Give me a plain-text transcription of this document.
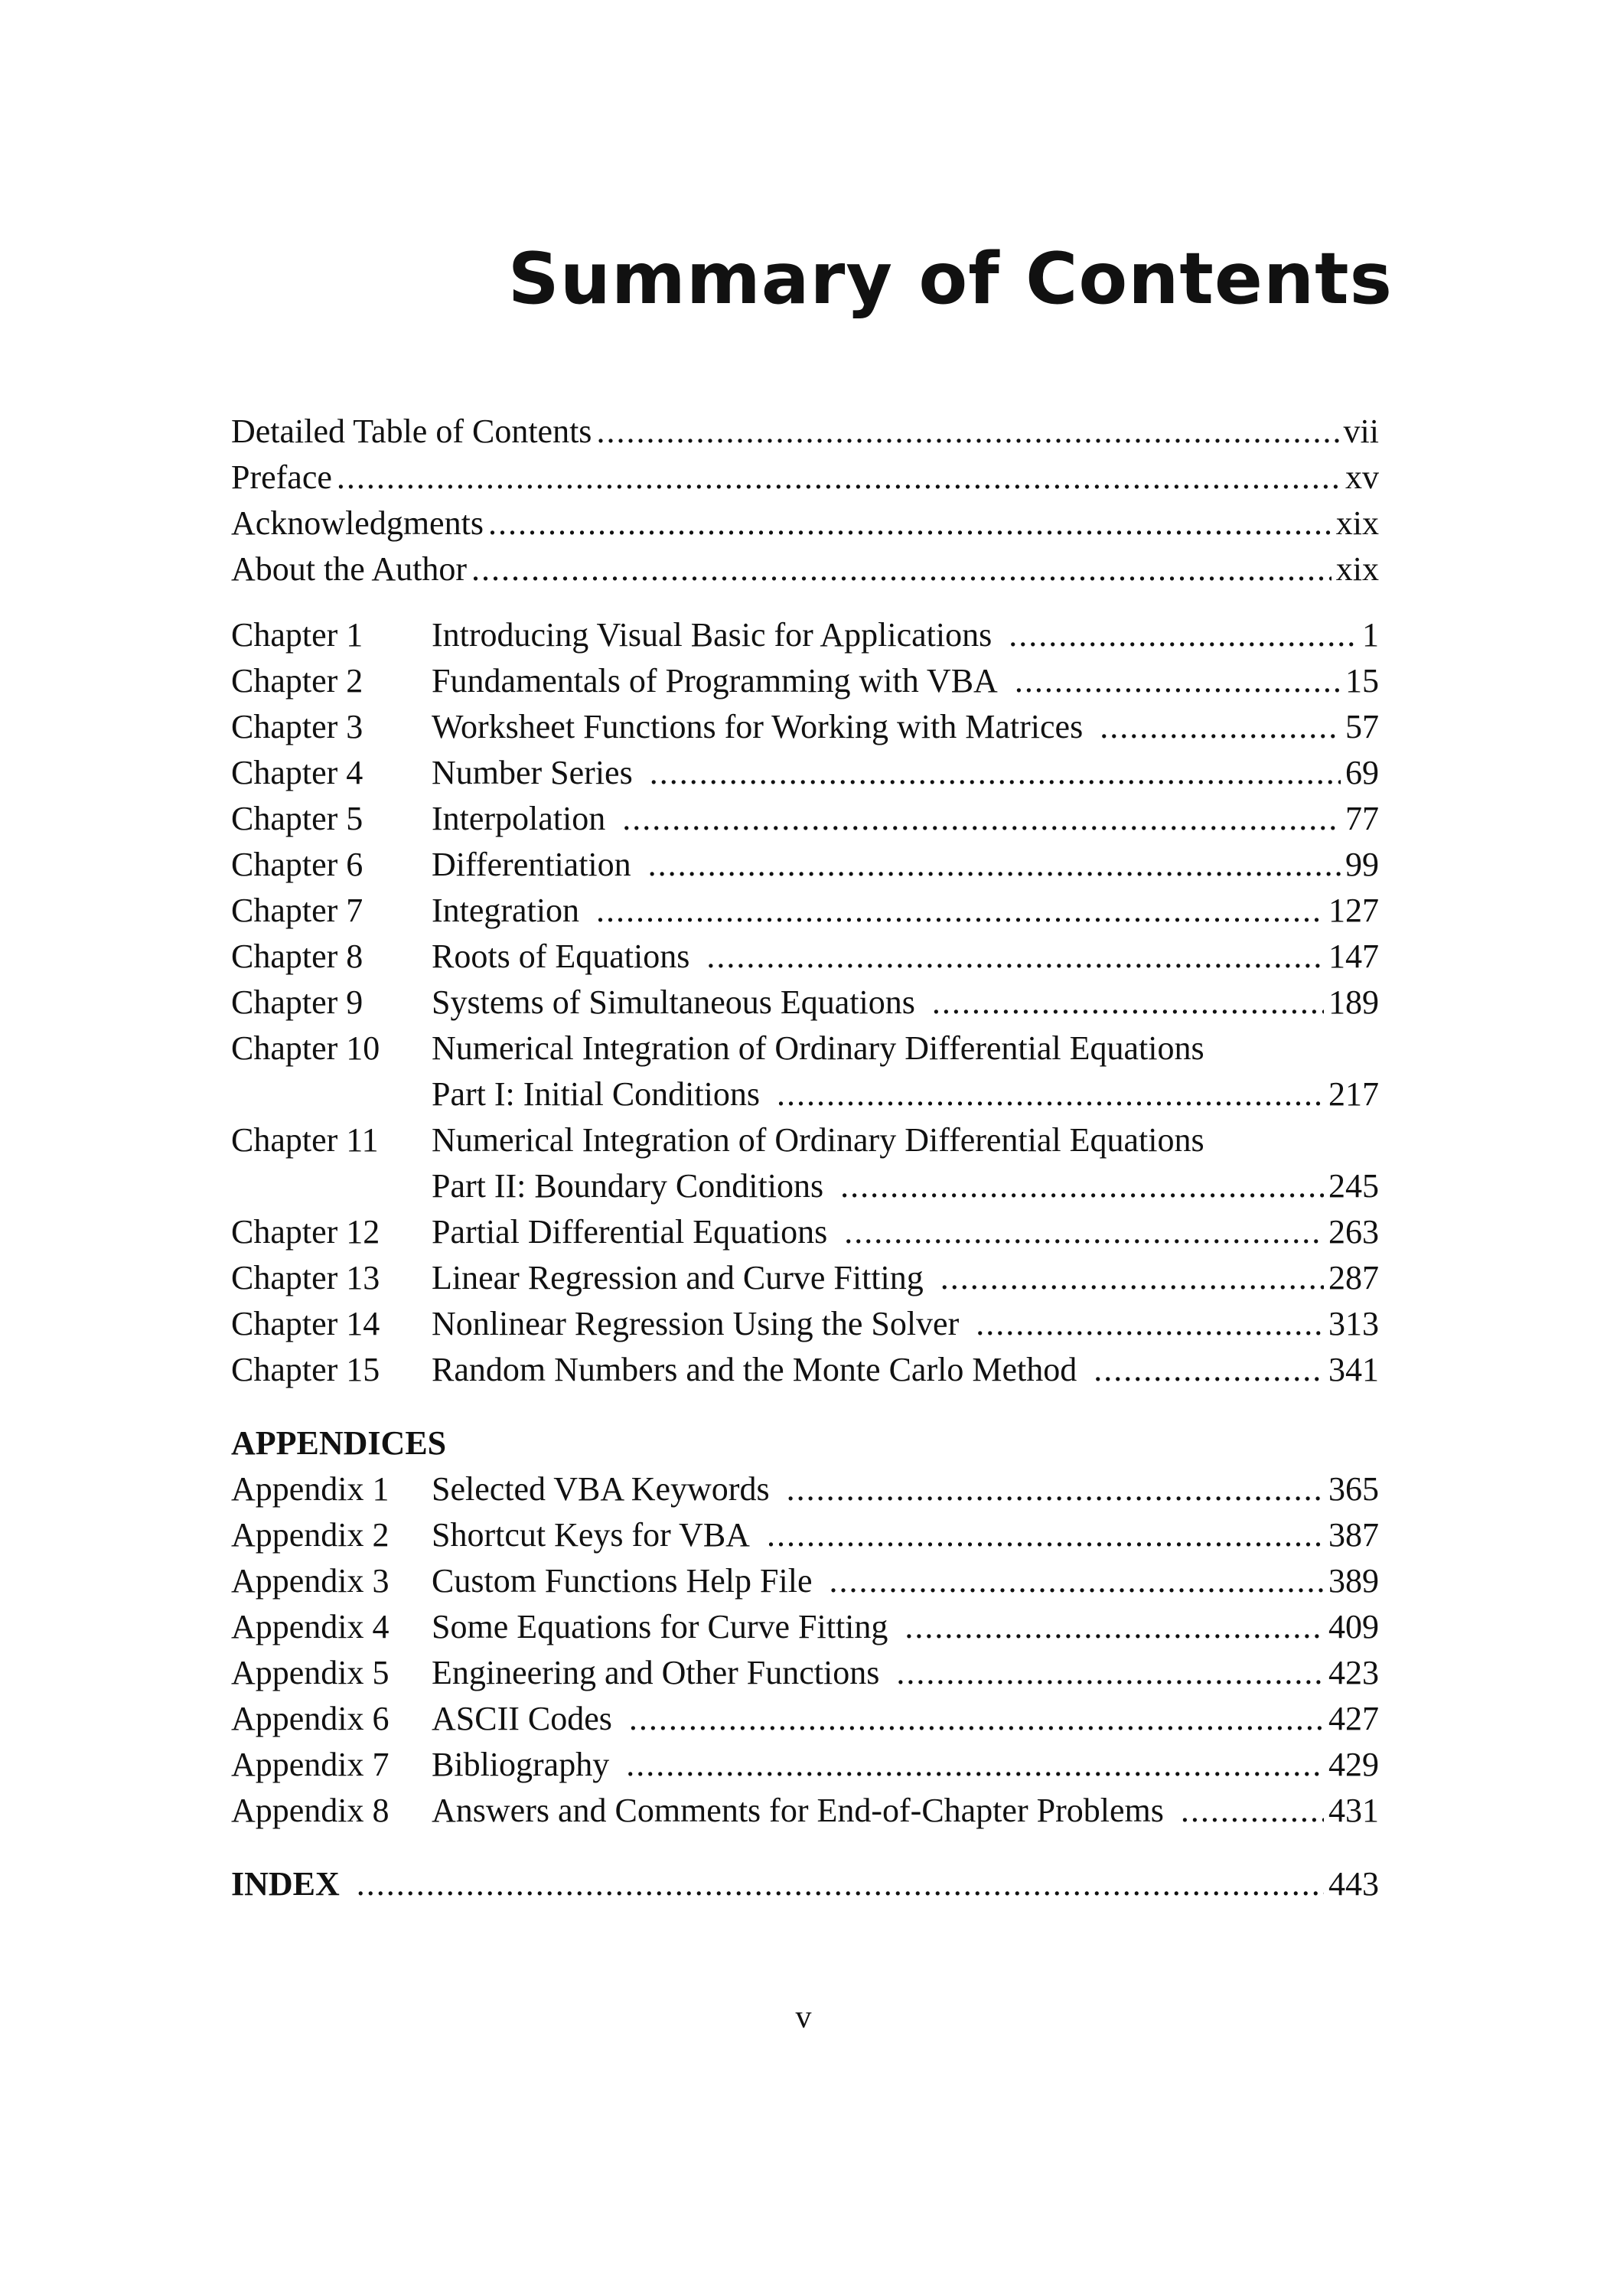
Summary of Contents
Detailed Table of Contents .....	vii
Preface .....	xv
Acknowledgments .....	xix
About the Author .....	xix
Chapter 1	Introducing Visual Basic for Applications .....	1
Chapter 2	Fundamentals of Programming with VBA .....	15
Chapter 3	Worksheet Functions for Working with Matrices .....	57
Chapter 4	Number Series .....	69
Chapter 5	Interpolation .....	77
Chapter 6	Differentiation .....	99
Chapter 7	Integration .....	127
Chapter 8	Roots of Equations .....	147
Chapter 9	Systems of Simultaneous Equations .....	189
Chapter 10	Numerical Integration of Ordinary Differential Equations
Part I: Initial Conditions .....	217
Chapter 11	Numerical Integration of Ordinary Differential Equations
Part II: Boundary Conditions .....	245
Chapter 12	Partial Differential Equations .....	263
Chapter 13	Linear Regression and Curve Fitting .....	287
Chapter 14	Nonlinear Regression Using the Solver .....	313
Chapter 15	Random Numbers and the Monte Carlo Method .....	341
APPENDICES
Appendix 1	Selected VBA Keywords .....	365
Appendix 2	Shortcut Keys for VBA .....	387
Appendix 3	Custom Functions Help File .....	389
Appendix 4	Some Equations for Curve Fitting .....	409
Appendix 5	Engineering and Other Functions .....	423
Appendix 6	ASCII Codes .....	427
Appendix 7	Bibliography .....	429
Appendix 8	Answers and Comments for End-of-Chapter Problems .....	431
INDEX .....	443
v
